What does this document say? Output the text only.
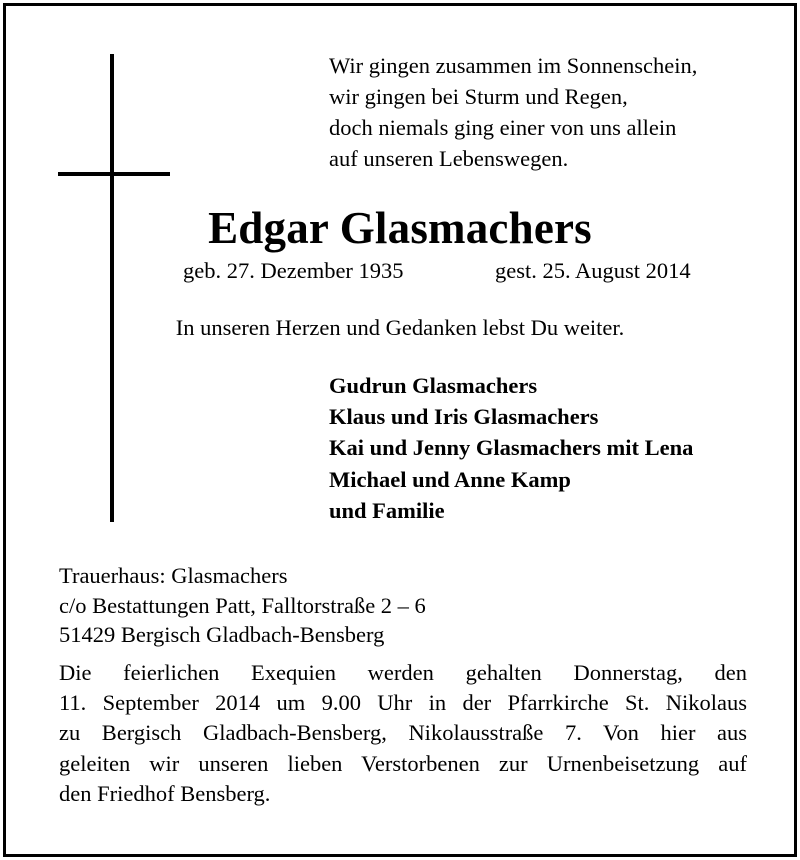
Wir gingen zusammen im Sonnenschein,
wir gingen bei Sturm und Regen,
doch niemals ging einer von uns allein
auf unseren Lebenswegen.
Edgar Glasmachers
geb. 27. Dezember 1935	gest. 25. August 2014
In unseren Herzen und Gedanken lebst Du weiter.
Gudrun Glasmachers
Klaus und Iris Glasmachers
Kai und Jenny Glasmachers mit Lena
Michael und Anne Kamp
und Familie
Trauerhaus: Glasmachers
c/o Bestattungen Patt, Falltorstraße 2 – 6
51429 Bergisch Gladbach-Bensberg
Die feierlichen Exequien werden gehalten Donnerstag, den
11. September 2014 um 9.00 Uhr in der Pfarrkirche St. Nikolaus
zu Bergisch Gladbach-Bensberg, Nikolausstraße 7. Von hier aus
geleiten wir unseren lieben Verstorbenen zur Urnenbeisetzung auf
den Friedhof Bensberg.
